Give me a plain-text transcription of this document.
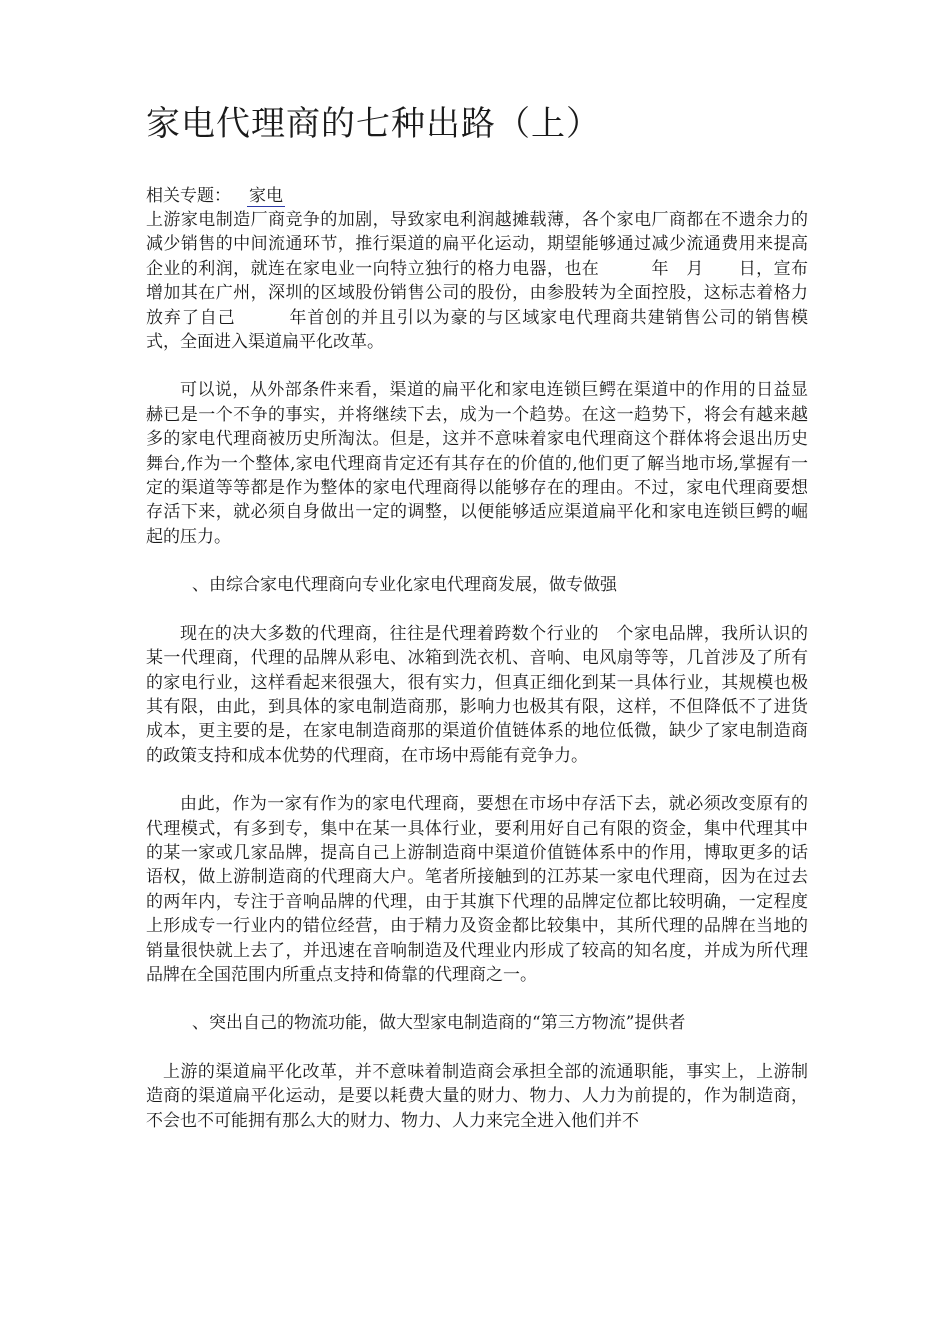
家电代理商的七种出路（上）
相关专题： 家电

上游家电制造厂商竞争的加剧，导致家电利润越摊载薄，各个家电厂商都在不遗余力的减少销售的中间流通环节，推行渠道的扁平化运动，期望能够通过减少流通费用来提高企业的利润，就连在家电业一向特立独行的格力电器，也在　　　年　月　　日，宣布增加其在广州，深圳的区域股份销售公司的股份，由参股转为全面控股，这标志着格力放弃了自己　　　年首创的并且引以为豪的与区域家电代理商共建销售公司的销售模式，全面进入渠道扁平化改革。

可以说，从外部条件来看，渠道的扁平化和家电连锁巨鳄在渠道中的作用的日益显赫已是一个不争的事实，并将继续下去，成为一个趋势。在这一趋势下，将会有越来越多的家电代理商被历史所淘汰。但是，这并不意味着家电代理商这个群体将会退出历史舞台,作为一个整体,家电代理商肯定还有其存在的价值的,他们更了解当地市场,掌握有一定的渠道等等都是作为整体的家电代理商得以能够存在的理由。不过，家电代理商要想存活下来，就必须自身做出一定的调整，以便能够适应渠道扁平化和家电连锁巨鳄的崛起的压力。

、由综合家电代理商向专业化家电代理商发展，做专做强

现在的决大多数的代理商，往往是代理着跨数个行业的　个家电品牌，我所认识的某一代理商，代理的品牌从彩电、冰箱到洗衣机、音响、电风扇等等，几首涉及了所有的家电行业，这样看起来很强大，很有实力，但真正细化到某一具体行业，其规模也极其有限，由此，到具体的家电制造商那，影响力也极其有限，这样，不但降低不了进货成本，更主要的是，在家电制造商那的渠道价值链体系的地位低微，缺少了家电制造商的政策支持和成本优势的代理商，在市场中焉能有竞争力。

由此，作为一家有作为的家电代理商，要想在市场中存活下去，就必须改变原有的代理模式，有多到专，集中在某一具体行业，要利用好自己有限的资金，集中代理其中的某一家或几家品牌，提高自己上游制造商中渠道价值链体系中的作用，博取更多的话语权，做上游制造商的代理商大户。笔者所接触到的江苏某一家电代理商，因为在过去的两年内，专注于音响品牌的代理，由于其旗下代理的品牌定位都比较明确，一定程度上形成专一行业内的错位经营，由于精力及资金都比较集中，其所代理的品牌在当地的销量很快就上去了，并迅速在音响制造及代理业内形成了较高的知名度，并成为所代理品牌在全国范围内所重点支持和倚靠的代理商之一。

、突出自己的物流功能，做大型家电制造商的“第三方物流”提供者

上游的渠道扁平化改革，并不意味着制造商会承担全部的流通职能，事实上，上游制造商的渠道扁平化运动，是要以耗费大量的财力、物力、人力为前提的，作为制造商，不会也不可能拥有那么大的财力、物力、人力来完全进入他们并不
